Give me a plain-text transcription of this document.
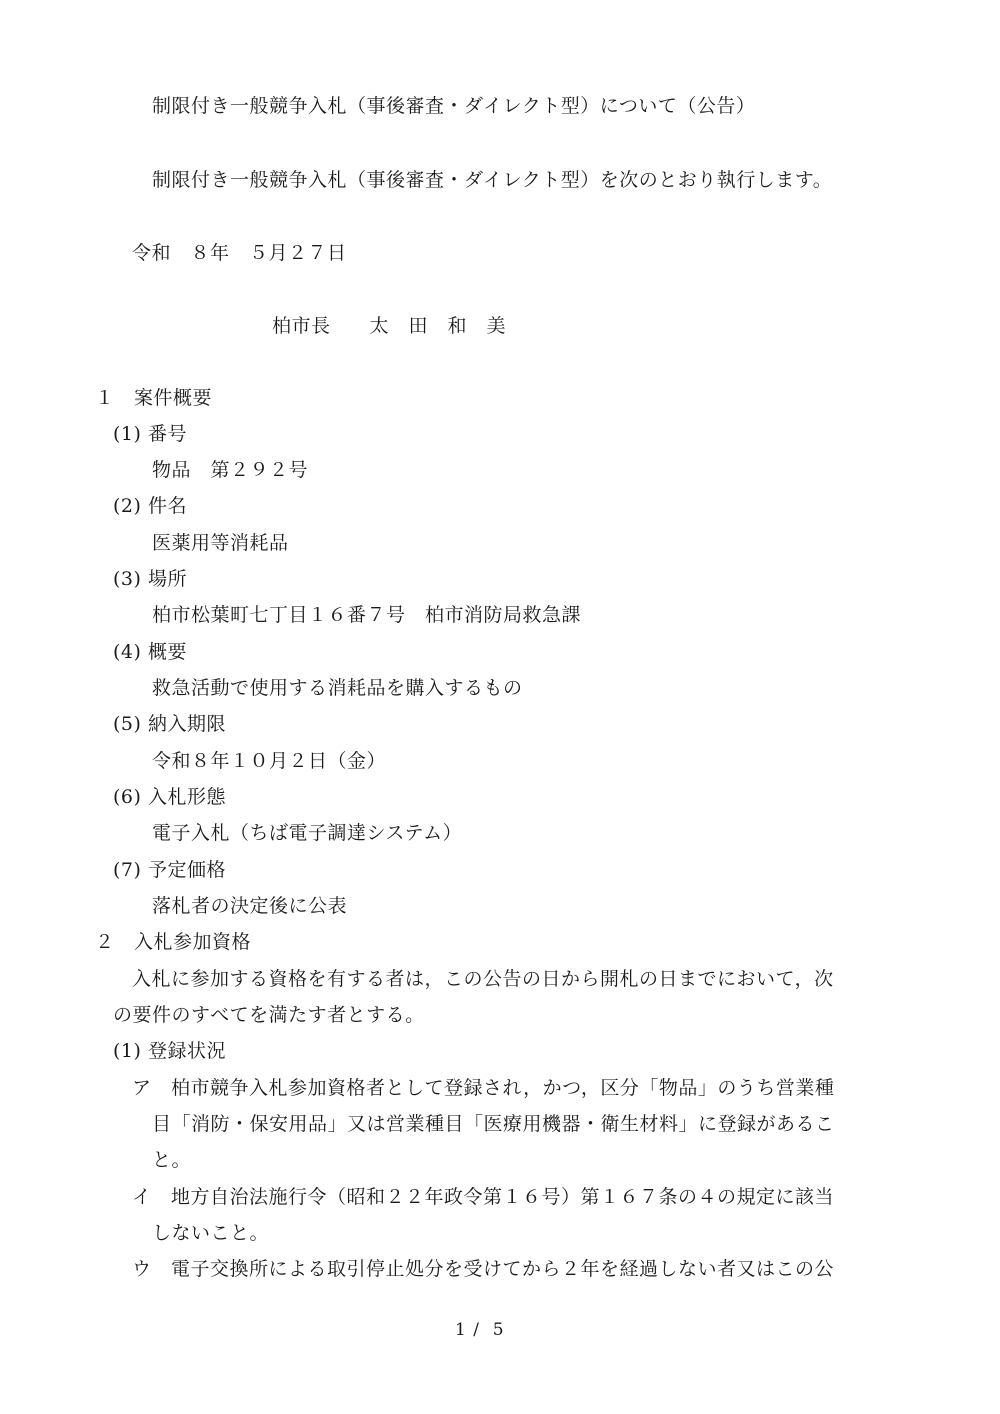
制限付き一般競争入札（事後審査・ダイレクト型）について（公告）
制限付き一般競争入札（事後審査・ダイレクト型）を次のとおり執行します。
令和　８年　５月２７日
柏市長　　太　田　和　美
１　案件概要
(1) 番号
物品　第２９２号
(2) 件名
医薬用等消耗品
(3) 場所
柏市松葉町七丁目１６番７号　柏市消防局救急課
(4) 概要
救急活動で使用する消耗品を購入するもの
(5) 納入期限
令和８年１０月２日（金）
(6) 入札形態
電子入札（ちば電子調達システム）
(7) 予定価格
落札者の決定後に公表
２　入札参加資格
入札に参加する資格を有する者は，この公告の日から開札の日までにおいて，次
の要件のすべてを満たす者とする。
(1) 登録状況
ア　柏市競争入札参加資格者として登録され，かつ，区分「物品」のうち営業種
目「消防・保安用品」又は営業種目「医療用機器・衛生材料」に登録があるこ
と。
イ　地方自治法施行令（昭和２２年政令第１６号）第１６７条の４の規定に該当
しないこと。
ウ　電子交換所による取引停止処分を受けてから２年を経過しない者又はこの公
1 /  5
